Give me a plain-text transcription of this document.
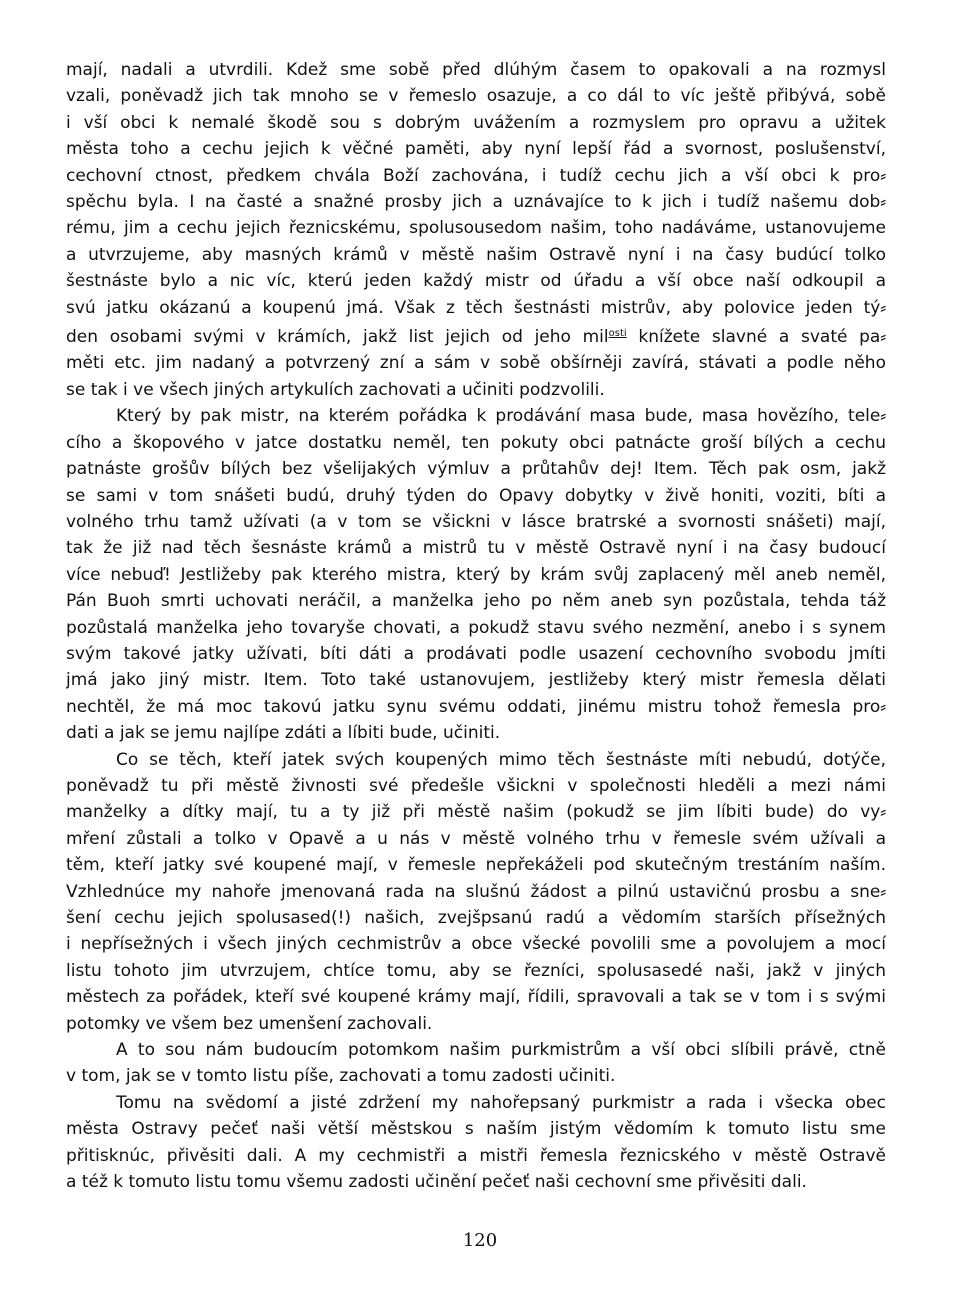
mají, nadali a utvrdili. Kdež sme sobě před dlúhým časem to opakovali a na rozmysl
vzali, poněvadž jich tak mnoho se v řemeslo osazuje, a co dál to víc ještě přibývá, sobě
i vší obci k nemalé škodě sou s dobrým uvážením a rozmyslem pro opravu a užitek
města toho a cechu jejich k věčné paměti, aby nyní lepší řád a svornost, poslušenství,
cechovní ctnost, předkem chvála Boží zachována, i tudíž cechu jich a vší obci k pro⸗
spěchu byla. I na časté a snažné prosby jich a uznávajíce to k jich i tudíž našemu dob⸗
rému, jim a cechu jejich řeznicskému, spolusousedom našim, toho nadáváme, ustanovujeme
a utvrzujeme, aby masných krámů v městě našim Ostravě nyní i na časy budúcí tolko
šestnáste bylo a nic víc, kterú jeden každý mistr od úřadu a vší obce naší odkoupil a
svú jatku okázanú a koupenú jmá. Však z těch šestnásti mistrův, aby polovice jeden tý⸗
den osobami svými v krámích, jakž list jejich od jeho mil$^{osti}$ knížete slavné a svaté pa⸗
měti etc. jim nadaný a potvrzený zní a sám v sobě obšírněji zavírá, stávati a podle něho
se tak i ve všech jiných artykulích zachovati a učiniti podzvolili.
Který by pak mistr, na kterém pořádka k prodávání masa bude, masa hovězího, tele⸗
cího a škopového v jatce dostatku neměl, ten pokuty obci patnácte groší bílých a cechu
patnáste grošův bílých bez všelijakých výmluv a průtahův dej! Item. Těch pak osm, jakž
se sami v tom snášeti budú, druhý týden do Opavy dobytky v živě honiti, voziti, bíti a
volného trhu tamž užívati (a v tom se všickni v lásce bratrské a svornosti snášeti) mají,
tak že již nad těch šesnáste krámů a mistrů tu v městě Ostravě nyní i na časy budoucí
více nebuď! Jestližeby pak kterého mistra, který by krám svůj zaplacený měl aneb neměl,
Pán Buoh smrti uchovati neráčil, a manželka jeho po něm aneb syn pozůstala, tehda táž
pozůstalá manželka jeho tovaryše chovati, a pokudž stavu svého nezmění, anebo i s synem
svým takové jatky užívati, bíti dáti a prodávati podle usazení cechovního svobodu jmíti
jmá jako jiný mistr. Item. Toto také ustanovujem, jestližeby který mistr řemesla dělati
nechtěl, že má moc takovú jatku synu svému oddati, jinému mistru tohož řemesla pro⸗
dati a jak se jemu najlípe zdáti a líbiti bude, učiniti.
Co se těch, kteří jatek svých koupených mimo těch šestnáste míti nebudú, dotýče,
poněvadž tu při městě živnosti své předešle všickni v společnosti hleděli a mezi námi
manželky a dítky mají, tu a ty již při městě našim (pokudž se jim líbiti bude) do vy⸗
mření zůstali a tolko v Opavě a u nás v městě volného trhu v řemesle svém užívali a
těm, kteří jatky své koupené mají, v řemesle nepřekáželi pod skutečným trestáním naším.
Vzhlednúce my nahoře jmenovaná rada na slušnú žádost a pilnú ustavičnú prosbu a sne⸗
šení cechu jejich spolusased(!) našich, zvejšpsanú radú a vědomím starších přísežných
i nepřísežných i všech jiných cechmistrův a obce všecké povolili sme a povolujem a mocí
listu tohoto jim utvrzujem, chtíce tomu, aby se řezníci, spolusasedé naši, jakž v jiných
městech za pořádek, kteří své koupené krámy mají, řídili, spravovali a tak se v tom i s svými
potomky ve všem bez umenšení zachovali.
A to sou nám budoucím potomkom našim purkmistrům a vší obci slíbili právě, ctně
v tom, jak se v tomto listu píše, zachovati a tomu zadosti učiniti.
Tomu na svědomí a jisté zdržení my nahořepsaný purkmistr a rada i všecka obec
města Ostravy pečeť naši větší městskou s naším jistým vědomím k tomuto listu sme
přitisknúc, přivěsiti dali. A my cechmistři a mistři řemesla řeznicského v městě Ostravě
a též k tomuto listu tomu všemu zadosti učinění pečeť naši cechovní sme přivěsiti dali.
120
